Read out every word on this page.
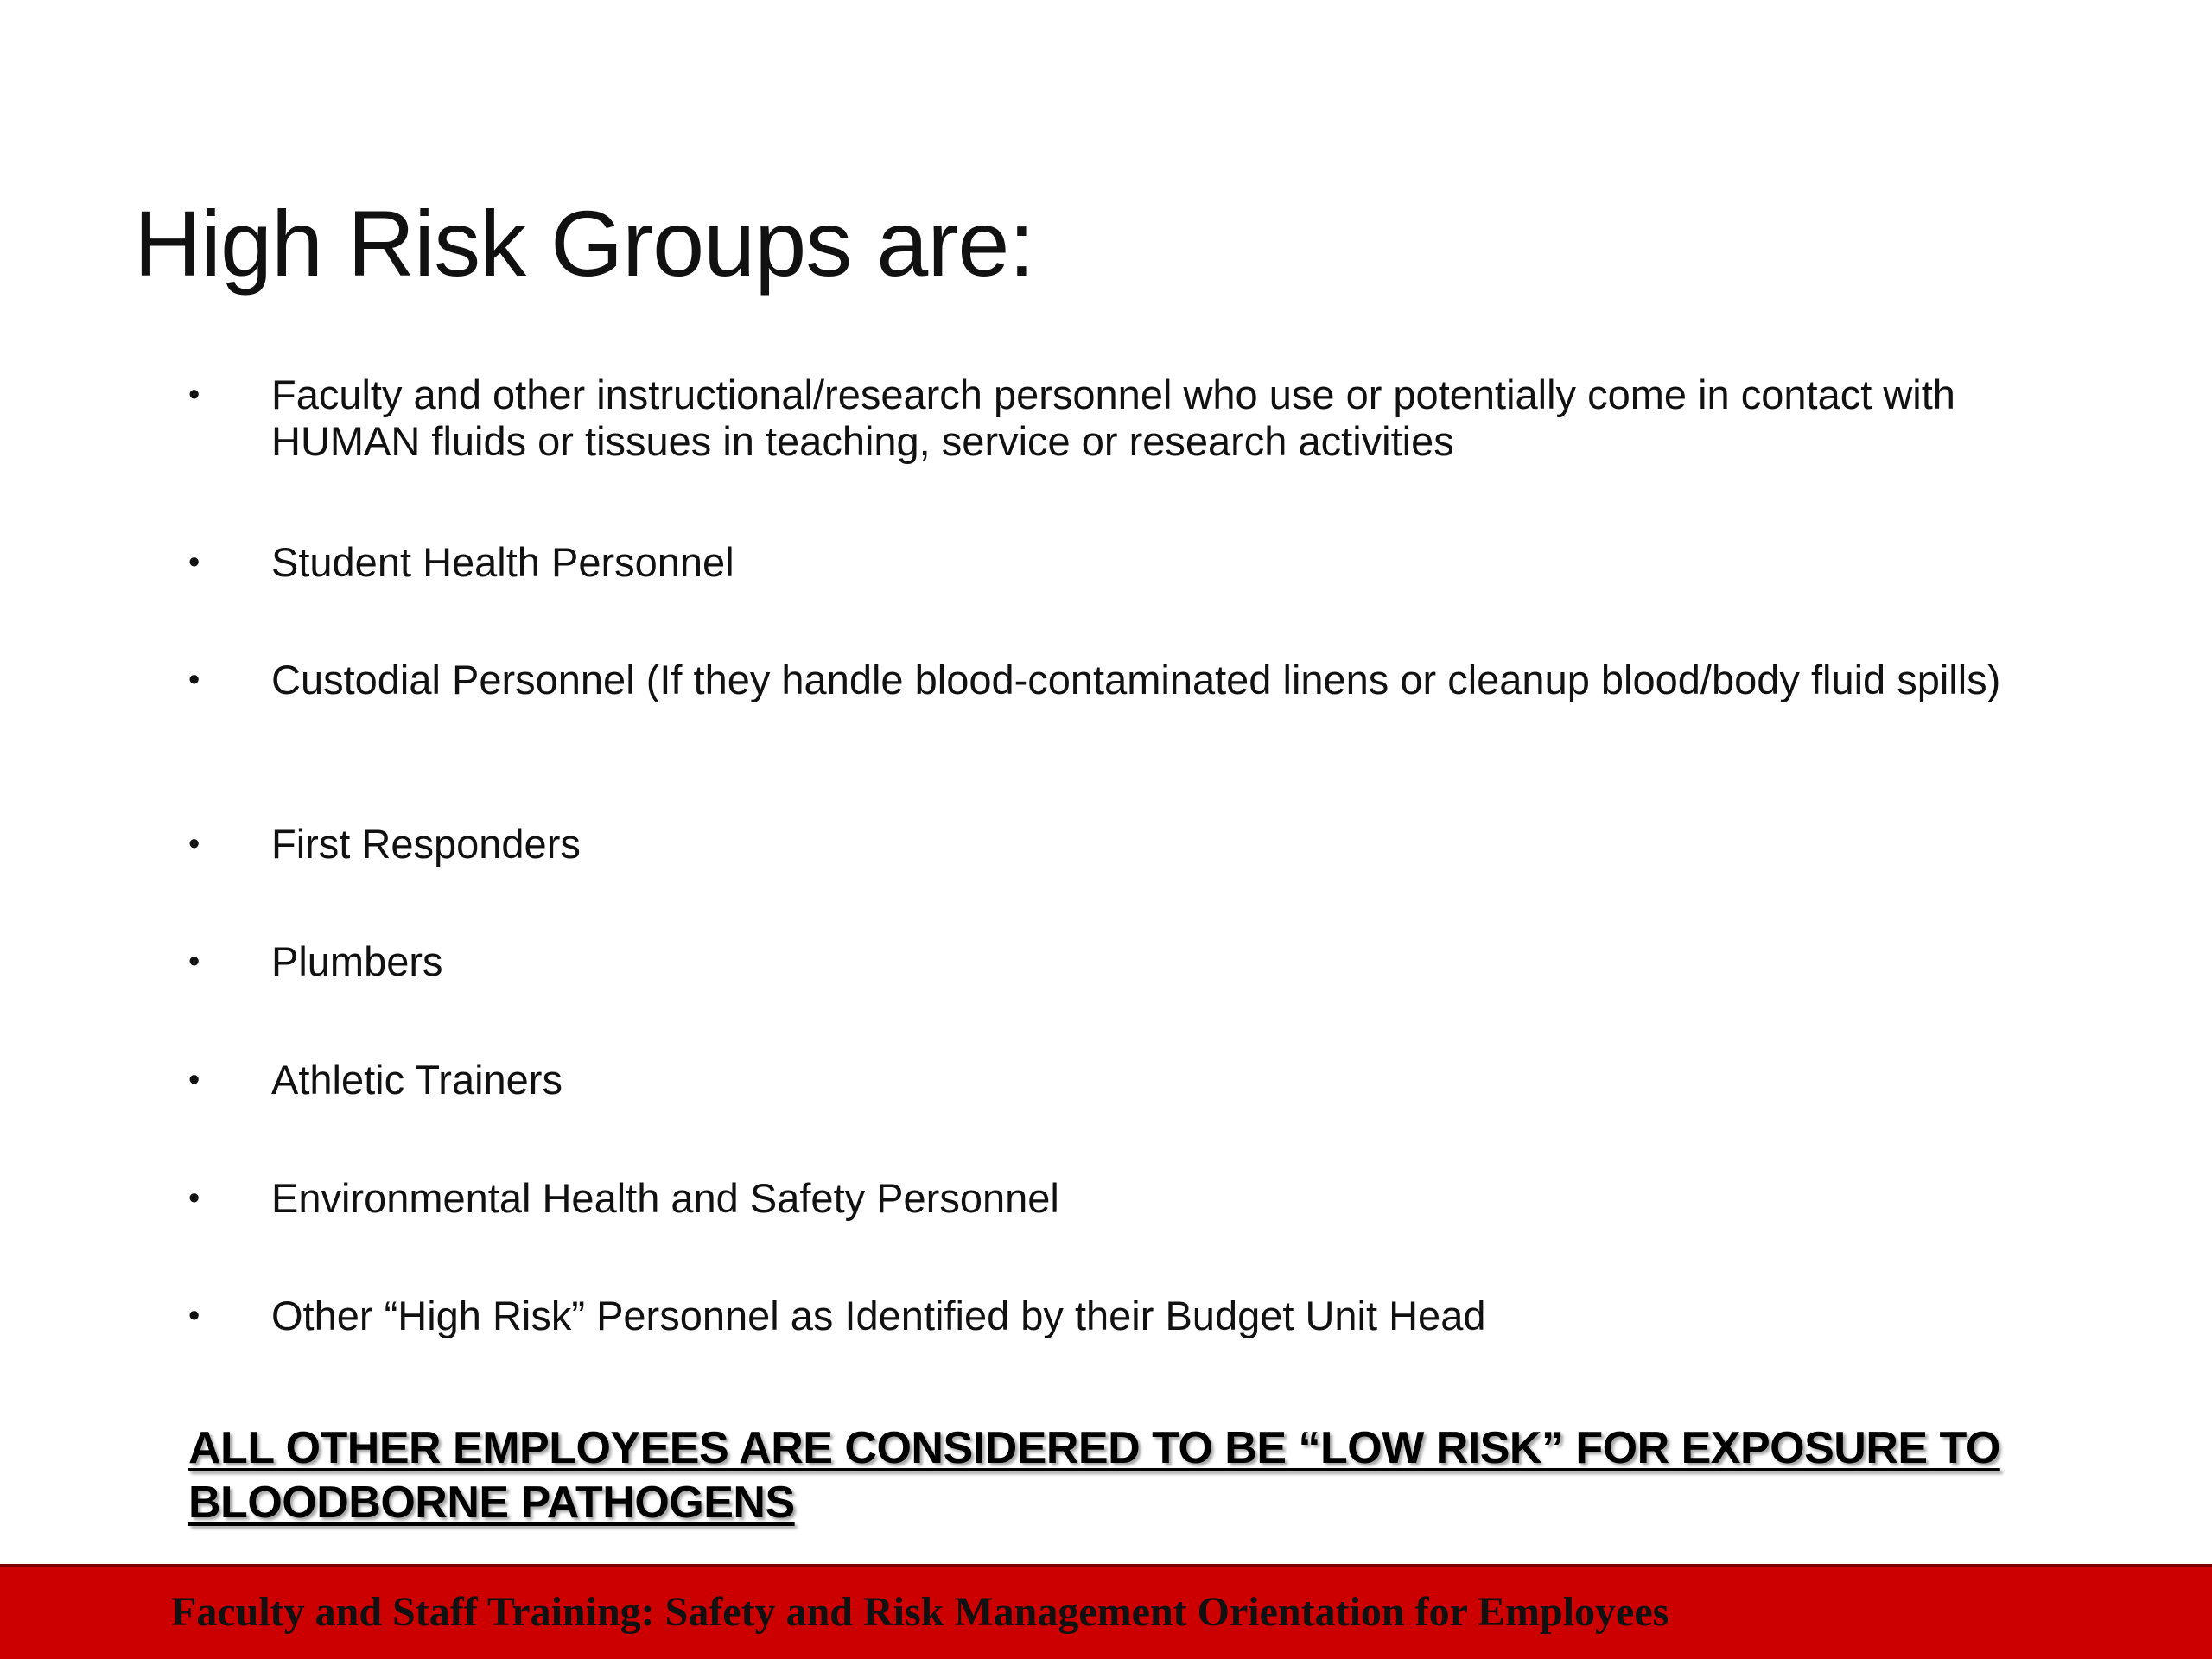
High Risk Groups are:
•	Faculty and other instructional/research personnel who use or potentially come in contact with HUMAN fluids or tissues in teaching, service or research activities
•	Student Health Personnel
•	Custodial Personnel (If they handle blood-contaminated linens or cleanup blood/body fluid spills)
•	First Responders
•	Plumbers
•	Athletic Trainers
•	Environmental Health and Safety Personnel
•	Other “High Risk” Personnel as Identified by their Budget Unit Head
ALL OTHER EMPLOYEES ARE CONSIDERED TO BE “LOW RISK” FOR EXPOSURE TO BLOODBORNE PATHOGENS
Faculty and Staff Training: Safety and Risk Management Orientation for Employees
